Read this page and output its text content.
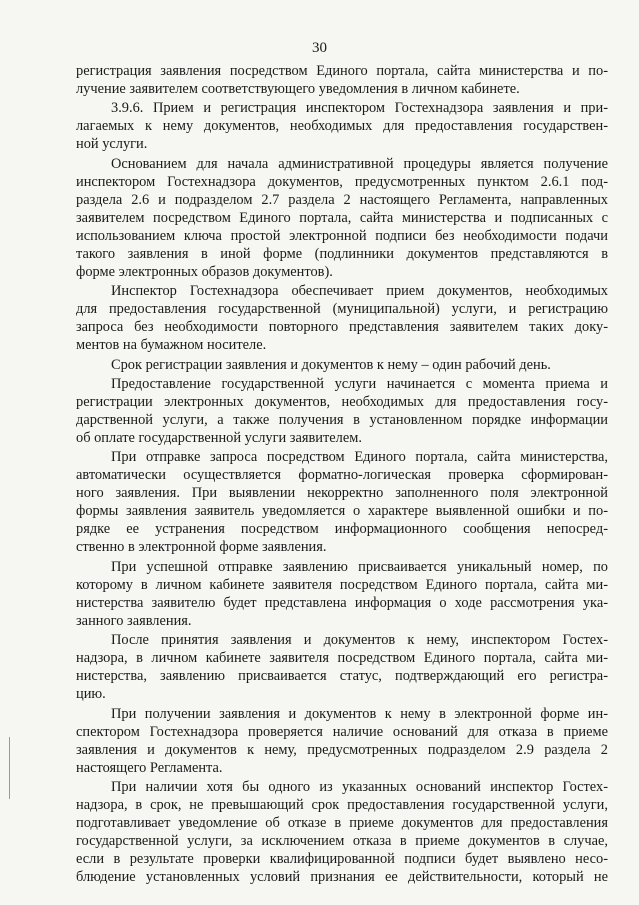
30
регистрация заявления посредством Единого портала, сайта министерства и по-
лучение заявителем соответствующего уведомления в личном кабинете.
3.9.6. Прием и регистрация инспектором Гостехнадзора заявления и при-
лагаемых к нему документов, необходимых для предоставления государствен-
ной услуги.
Основанием для начала административной процедуры является получение
инспектором Гостехнадзора документов, предусмотренных пунктом 2.6.1 под-
раздела 2.6 и подразделом 2.7 раздела 2 настоящего Регламента, направленных
заявителем посредством Единого портала, сайта министерства и подписанных с
использованием ключа простой электронной подписи без необходимости подачи
такого заявления в иной форме (подлинники документов представляются в
форме электронных образов документов).
Инспектор Гостехнадзора обеспечивает прием документов, необходимых
для предоставления государственной (муниципальной) услуги, и регистрацию
запроса без необходимости повторного представления заявителем таких доку-
ментов на бумажном носителе.
Срок регистрации заявления и документов к нему – один рабочий день.
Предоставление государственной услуги начинается с момента приема и
регистрации электронных документов, необходимых для предоставления госу-
дарственной услуги, а также получения в установленном порядке информации
об оплате государственной услуги заявителем.
При отправке запроса посредством Единого портала, сайта министерства,
автоматически осуществляется форматно-логическая проверка сформирован-
ного заявления. При выявлении некорректно заполненного поля электронной
формы заявления заявитель уведомляется о характере выявленной ошибки и по-
рядке ее устранения посредством информационного сообщения непосред-
ственно в электронной форме заявления.
При успешной отправке заявлению присваивается уникальный номер, по
которому в личном кабинете заявителя посредством Единого портала, сайта ми-
нистерства заявителю будет представлена информация о ходе рассмотрения ука-
занного заявления.
После принятия заявления и документов к нему, инспектором Гостех-
надзора, в личном кабинете заявителя посредством Единого портала, сайта ми-
нистерства, заявлению присваивается статус, подтверждающий его регистра-
цию.
При получении заявления и документов к нему в электронной форме ин-
спектором Гостехнадзора проверяется наличие оснований для отказа в приеме
заявления и документов к нему, предусмотренных подразделом 2.9 раздела 2
настоящего Регламента.
При наличии хотя бы одного из указанных оснований инспектор Гостех-
надзора, в срок, не превышающий срок предоставления государственной услуги,
подготавливает уведомление об отказе в приеме документов для предоставления
государственной услуги, за исключением отказа в приеме документов в случае,
если в результате проверки квалифицированной подписи будет выявлено несо-
блюдение установленных условий признания ее действительности, который не
